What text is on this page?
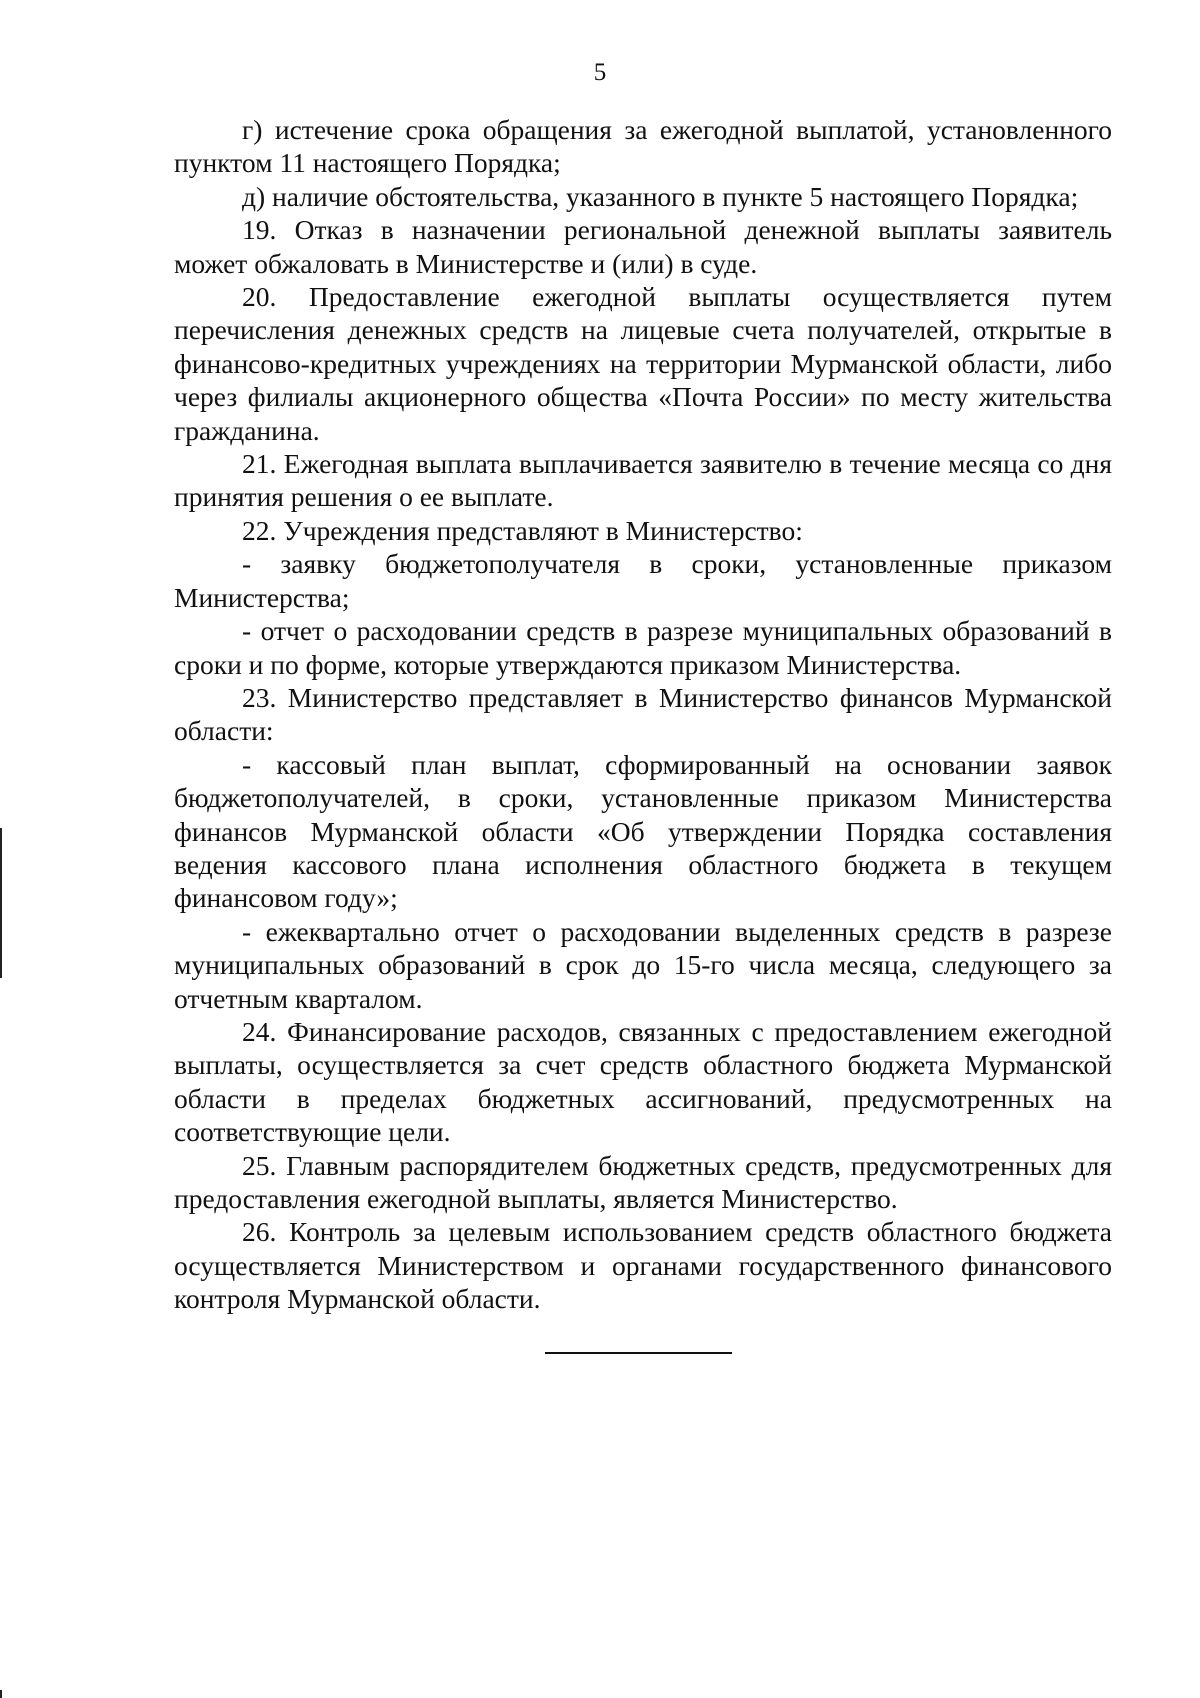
5

г) истечение срока обращения за ежегодной выплатой, установленного пунктом 11 настоящего Порядка;

д) наличие обстоятельства, указанного в пункте 5 настоящего Порядка;

19. Отказ в назначении региональной денежной выплаты заявитель может обжаловать в Министерстве и (или) в суде.

20. Предоставление ежегодной выплаты осуществляется путем перечисления денежных средств на лицевые счета получателей, открытые в финансово-кредитных учреждениях на территории Мурманской области, либо через филиалы акционерного общества «Почта России» по месту жительства гражданина.

21. Ежегодная выплата выплачивается заявителю в течение месяца со дня принятия решения о ее выплате.

22. Учреждения представляют в Министерство:

- заявку бюджетополучателя в сроки, установленные приказом Министерства;

- отчет о расходовании средств в разрезе муниципальных образований в сроки и по форме, которые утверждаются приказом Министерства.

23. Министерство представляет в Министерство финансов Мурманской области:

- кассовый план выплат, сформированный на основании заявок бюджетополучателей, в сроки, установленные приказом Министерства финансов Мурманской области «Об утверждении Порядка составления ведения кассового плана исполнения областного бюджета в текущем финансовом году»;

- ежеквартально отчет о расходовании выделенных средств в разрезе муниципальных образований в срок до 15-го числа месяца, следующего за отчетным кварталом.

24. Финансирование расходов, связанных с предоставлением ежегодной выплаты, осуществляется за счет средств областного бюджета Мурманской области в пределах бюджетных ассигнований, предусмотренных на соответствующие цели.

25. Главным распорядителем бюджетных средств, предусмотренных для предоставления ежегодной выплаты, является Министерство.

26. Контроль за целевым использованием средств областного бюджета осуществляется Министерством и органами государственного финансового контроля Мурманской области.
